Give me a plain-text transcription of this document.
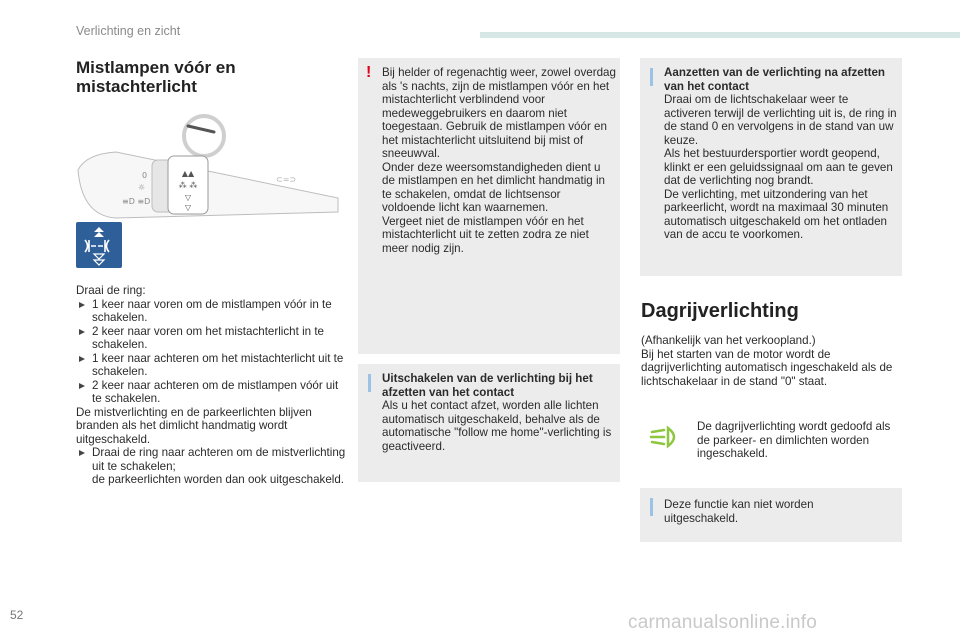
Verlichting en zicht
Mistlampen vóór en mistachterlicht
▲▲
⁂ ⁂
▽
▽
0
☼
≡D ≡D
⊂=⊃
Draai de ring:
1 keer naar voren om de mistlampen vóór in te schakelen.
2 keer naar voren om het mistachterlicht in te schakelen.
1 keer naar achteren om het mistachterlicht uit te schakelen.
2 keer naar achteren om de mistlampen vóór uit te schakelen.
De mistverlichting en de parkeerlichten blijven branden als het dimlicht handmatig wordt uitgeschakeld.
Draai de ring naar achteren om de mistverlichting uit te schakelen;
de parkeerlichten worden dan ook uitgeschakeld.
! Bij helder of regenachtig weer, zowel overdag als 's nachts, zijn de mistlampen vóór en het mistachterlicht verblindend voor medeweggebruikers en daarom niet toegestaan. Gebruik de mistlampen vóór en het mistachterlicht uitsluitend bij mist of sneeuwval.
Onder deze weersomstandigheden dient u de mistlampen en het dimlicht handmatig in te schakelen, omdat de lichtsensor voldoende licht kan waarnemen.
Vergeet niet de mistlampen vóór en het mistachterlicht uit te zetten zodra ze niet meer nodig zijn.
Uitschakelen van de verlichting bij het afzetten van het contact
Als u het contact afzet, worden alle lichten automatisch uitgeschakeld, behalve als de automatische "follow me home"-verlichting is geactiveerd.
Aanzetten van de verlichting na afzetten van het contact
Draai om de lichtschakelaar weer te activeren terwijl de verlichting uit is, de ring in de stand 0 en vervolgens in de stand van uw keuze.
Als het bestuurdersportier wordt geopend, klinkt er een geluidssignaal om aan te geven dat de verlichting nog brandt.
De verlichting, met uitzondering van het parkeerlicht, wordt na maximaal 30 minuten automatisch uitgeschakeld om het ontladen van de accu te voorkomen.
Dagrijverlichting
(Afhankelijk van het verkoopland.)
Bij het starten van de motor wordt de dagrijverlichting automatisch ingeschakeld als de lichtschakelaar in de stand "0" staat.
De dagrijverlichting wordt gedoofd als de parkeer- en dimlichten worden ingeschakeld.
Deze functie kan niet worden uitgeschakeld.
52	carmanualsonline.info
